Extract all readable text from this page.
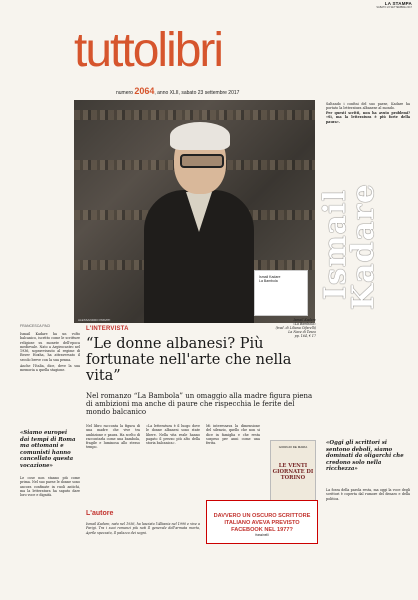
LA STAMPA
SABATO 23 SETTEMBRE 2017
tuttolibri
numero 2064, anno XLII, sabato 23 settembre 2017
ALESSANDRO PRIMITI
Ismail
Kadare

Saltando i confini del suo paese, Kadare ha portato la letteratura albanese al mondo.

Per questi scritti, non ha avuto problemi? «Sì, ma la letteratura è più forte della paura».

Ismail Kadare
La Bambola
Ismail Kadare
«La Bambola»
(trad. di Liliana Cifarelli)
La Nave di Teseo
pp. 164, € 17
FRANCESCA PACI

Ismail Kadare ha un volto balcanico, iscritto come le scritture religiose su monete dell'epoca medievale. Nato a Argirocastro nel 1936, sopravvissuto al regime di Enver Hoxha, ha attraversato il secolo breve con la sua penna.

Anche l'Italia, dice, deve la sua memoria a quella stagione.

«Siamo europei dai tempi di Roma ma ottomani e comunisti hanno cancellato questa vocazione»

Le cose non stanno più come prima. Nel suo paese le donne sono ancora confinate in ruoli antichi, ma la letteratura ha saputo dare loro voce e dignità.

L'INTERVISTA
“Le donne albanesi? Più fortunate nell'arte che nella vita”
Nel romanzo “La Bambola” un omaggio alla madre figura piena di ambizioni ma anche di paure che rispecchia le ferite del mondo balcanico

Nel libro racconta la figura di una madre che vive tra ambizione e paura. Ha scelto di raccontarla come una bambola, fragile e luminosa allo stesso tempo.

«La letteratura è il luogo dove le donne albanesi sono state libere. Nella vita reale hanno pagato il prezzo più alto della storia balcanica».

Mi interessava la dimensione del silenzio, quello che non si dice in famiglia e che resta sospeso per anni come una ferita.

GIORGIO DE MARIA
LE VENTI GIORNATE DI TORINO
DAVVERO UN OSCURO SCRITTORE ITALIANO AVEVA PREVISTO FACEBOOK NEL 1977?
frassinelli
L'autore

Ismail Kadare, nato nel 1936, ha lasciato l'Albania nel 1990 e vive a Parigi. Tra i suoi romanzi più noti Il generale dell'armata morta, Aprile spezzato, Il palazzo dei sogni.

«Oggi gli scrittori si sentono deboli, siamo dominati da oligarchi che credono solo nella ricchezza»

La forza della parola resta, ma oggi la voce degli scrittori è coperta dal rumore del denaro e della politica.
